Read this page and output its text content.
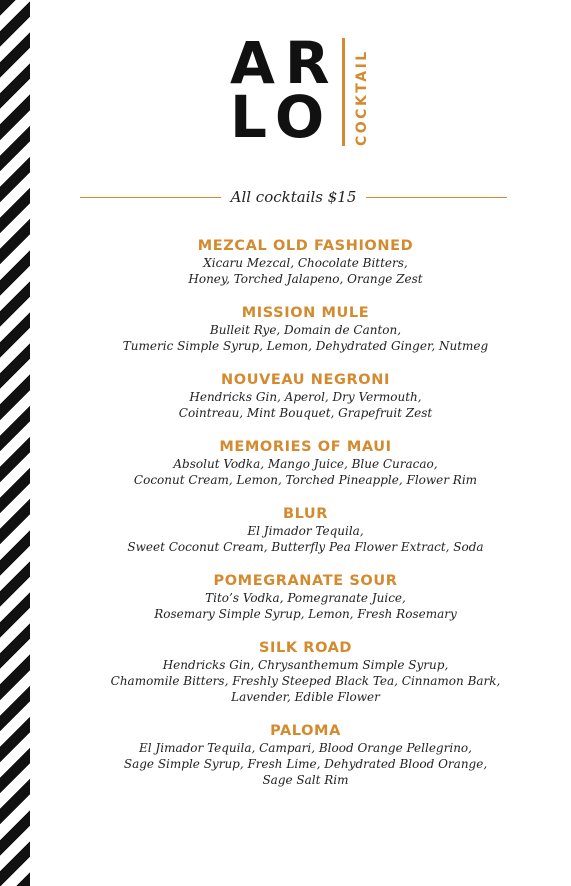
AR
LO	COCKTAIL
All cocktails $15
MEZCAL OLD FASHIONED
Xicaru Mezcal, Chocolate Bitters,
Honey, Torched Jalapeno, Orange Zest
MISSION MULE
Bulleit Rye, Domain de Canton,
Tumeric Simple Syrup, Lemon, Dehydrated Ginger, Nutmeg
NOUVEAU NEGRONI
Hendricks Gin, Aperol, Dry Vermouth,
Cointreau, Mint Bouquet, Grapefruit Zest
MEMORIES OF MAUI
Absolut Vodka, Mango Juice, Blue Curacao,
Coconut Cream, Lemon, Torched Pineapple, Flower Rim
BLUR
El Jimador Tequila,
Sweet Coconut Cream, Butterfly Pea Flower Extract, Soda
POMEGRANATE SOUR
Tito’s Vodka, Pomegranate Juice,
Rosemary Simple Syrup, Lemon, Fresh Rosemary
SILK ROAD
Hendricks Gin, Chrysanthemum Simple Syrup,
Chamomile Bitters, Freshly Steeped Black Tea, Cinnamon Bark,
Lavender, Edible Flower
PALOMA
El Jimador Tequila, Campari, Blood Orange Pellegrino,
Sage Simple Syrup, Fresh Lime, Dehydrated Blood Orange,
Sage Salt Rim
